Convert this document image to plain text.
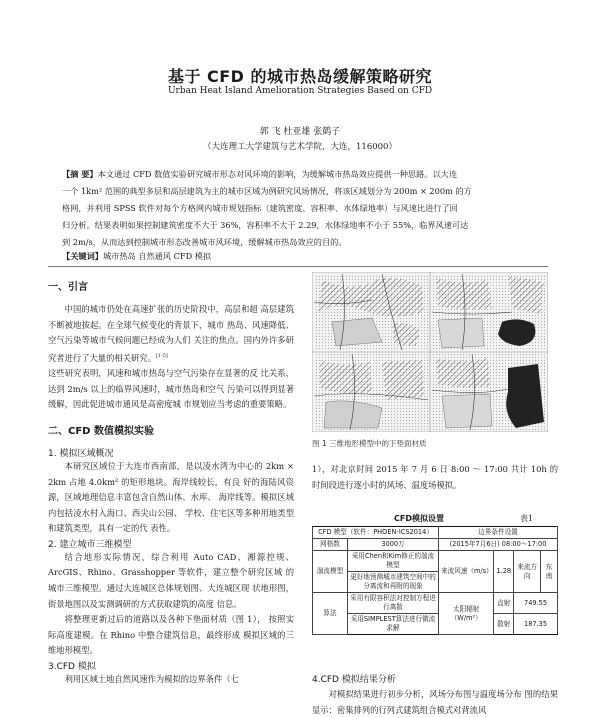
基于 CFD 的城市热岛缓解策略研究
Urban Heat Island Amelioration Strategies Based on CFD
郭 飞 杜亚雄 张鹤子
（大连理工大学建筑与艺术学院，大连，116000）
【摘 要】本文通过 CFD 数值实验研究城市形态对风环境的影响，为缓解城市热岛效应提供一种思路。以大连
一个 1km² 范围的典型多层和高层建筑为主的城市区域为例研究风场情况，将该区域划分为 200m × 200m 的方
格网，并利用 SPSS 软件对每个方格网内城市规划指标（建筑密度、容积率、水体绿地率）与风速比进行了回
归分析。结果表明如果控制建筑密度不大于 36%，容积率不大于 2.29，水体绿地率不小于 55%，临界风速可达
到 2m/s，从而达到控制城市形态改善城市风环境，缓解城市热岛效应的目的。
【关键词】城市热岛 自然通风 CFD 模拟
一、引言
中国的城市仍处在高速扩张的历史阶段中，高层和超 高层建筑不断被地拔起。在全球气候变化的背景下，城市 热岛、风速降低、空气污染等城市气候问题已经成为人们 关注的焦点。国内外许多研究者进行了大量的相关研究。[1-5]
这些研究表明，风速和城市热岛与空气污染存在显著的反 比关系，达到 2m/s 以上的临界风速时，城市热岛和空气 污染可以得到显著缓解，因此促进城市通风是高密度城 市规划应当考虑的重要策略。
二、CFD 数值模拟实验
1. 模拟区域概况
本研究区域位于大连市西南部，是以凌水湾为中心的 2km × 2km 占地 4.0km² 的矩形地块。海岸线较长，有良 好的海陆风资源，区域地理信息丰富包含自然山体、水库、 海岸线等。模拟区域内包括凌水村入海口、西尖山公园、 学校、住宅区等多种用地类型和建筑类型，具有一定的代 表性。
2. 建立城市三维模型
结合地形实际情况，综合利用 Auto CAD、湘源控规、 ArcGIS、Rhino、Grasshopper 等软件，建立整个研究区域 的城市三维模型。通过大连城区总体规划图、大连城区现 状地形图，街景地图以及实测调研的方式获取建筑的高度 信息。
将整理更新过后的道路以及各种下垫面材质（图 1）， 按照实际高度建模。在 Rhino 中整合建筑信息，最终形成 模拟区域的三维地形模型。
3.CFD 模拟
利用区域土地自然风速作为模拟的边界条件（七
图 1 三维地形模型中的下垫面材质
1），对北京时间 2015 年 7 月 6 日 8:00 ～ 17:00 共计 10h 的时间段进行逐小时的风场、温度场模拟。
CFD模拟设置	表1
CFD 模型（软件：PHOEN-ICS2014）		边界条件设置			
网格数	3000万	(2015年7月6日) 08:00～17:00			
湍流模型	采用Chen和Kim修正的湍流模型	来流风速（m/s）	1.28	来流方向	东南
	更好地预测城市建筑空间中的分离流和再附的现象				
算法	采用有限容积法对控制方程进行离散	太阳辐射（W/m²）	直射	749.55	
	采用SIMPLEST算法进行微流求解		散射	187.35	
4.CFD 模拟结果分析
对模拟结果进行初步分析，风场分布图与温度场分布 图的结果显示：密集排列的行列式建筑组合模式对背流风
